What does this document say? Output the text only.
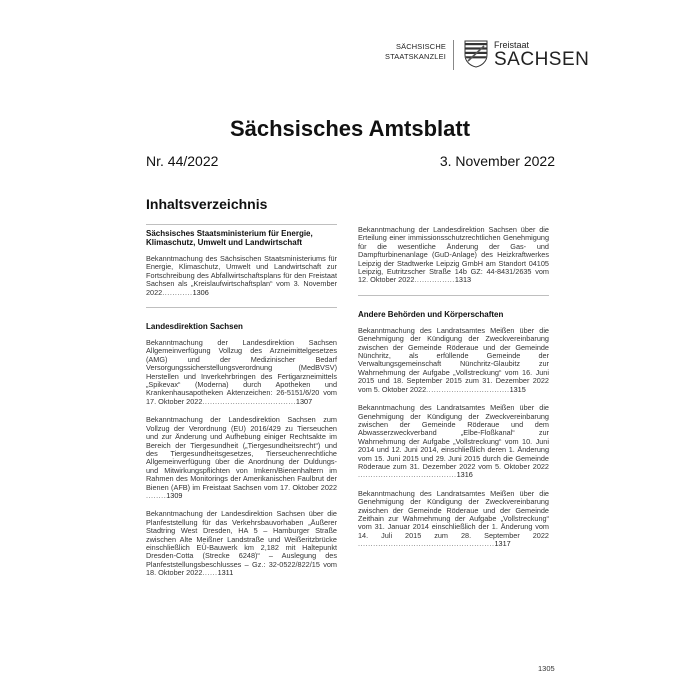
SÄCHSISCHE
STAATSKANZLEI
Freistaat
SACHSEN
Sächsisches Amtsblatt
Nr. 44/2022	3. November 2022
Inhaltsverzeichnis
Sächsisches Staatsministerium für Energie, Klimaschutz, Umwelt und Landwirtschaft
Bekanntmachung des Sächsischen Staatsministeriums für Energie, Klimaschutz, Umwelt und Landwirtschaft zur Fortschreibung des Abfallwirtschaftsplans für den Freistaat Sachsen als „Kreislaufwirtschaftsplan“ vom 3. November 2022............1306
Landesdirektion Sachsen
Bekanntmachung der Landesdirektion Sachsen Allgemeinverfügung Vollzug des Arzneimittelgesetzes (AMG) und der Medizinischer Bedarf Versorgungssicherstellungsverordnung (MedBVSV) Herstellen und Inverkehrbringen des Fertigarzneimittels „Spikevax“ (Moderna) durch Apotheken und Krankenhausapotheken Aktenzeichen: 26-5151/6/20 vom 17. Oktober 2022.....................................1307
Bekanntmachung der Landesdirektion Sachsen zum Vollzug der Verordnung (EU) 2016/429 zu Tierseuchen und zur Änderung und Aufhebung einiger Rechtsakte im Bereich der Tiergesundheit („Tiergesundheitsrecht“) und des Tiergesundheitsgesetzes, Tierseuchenrechtliche Allgemeinverfügung über die Anordnung der Duldungs- und Mitwirkungspflichten von Imkern/Bienenhaltern im Rahmen des Monitorings der Amerikanischen Faulbrut der Bienen (AFB) im Freistaat Sachsen vom 17. Oktober 2022........1309
Bekanntmachung der Landesdirektion Sachsen über die Planfeststellung für das Verkehrsbauvorhaben „Äußerer Stadtring West Dresden, HA 5 – Hamburger Straße zwischen Alte Meißner Landstraße und Weißeritzbrücke einschließlich EÜ-Bauwerk km 2,182 mit Haltepunkt Dresden-Cotta (Strecke 6248)“ – Auslegung des Planfeststellungsbeschlusses – Gz.: 32-0522/822/15 vom 18. Oktober 2022......1311
Bekanntmachung der Landesdirektion Sachsen über die Erteilung einer immissionsschutzrechtlichen Genehmigung für die wesentliche Änderung der Gas- und Dampfturbinenanlage (GuD-Anlage) des Heizkraftwerkes Leipzig der Stadtwerke Leipzig GmbH am Standort 04105 Leipzig, Eutritzscher Straße 14b GZ: 44-8431/2635 vom 12. Oktober 2022................1313
Andere Behörden und Körperschaften
Bekanntmachung des Landratsamtes Meißen über die Genehmigung der Kündigung der Zweckvereinbarung zwischen der Gemeinde Röderaue und der Gemeinde Nünchritz, als erfüllende Gemeinde der Verwaltungsgemeinschaft Nünchritz-Glaubitz zur Wahrnehmung der Aufgabe „Vollstreckung“ vom 16. Juni 2015 und 18. September 2015 zum 31. Dezember 2022 vom 5. Oktober 2022.................................1315
Bekanntmachung des Landratsamtes Meißen über die Genehmigung der Kündigung der Zweckvereinbarung zwischen der Gemeinde Röderaue und dem Abwasserzweckverband „Elbe-Floßkanal“ zur Wahrnehmung der Aufgabe „Vollstreckung“ vom 10. Juni 2014 und 12. Juni 2014, einschließlich deren 1. Änderung vom 15. Juni 2015 und 29. Juni 2015 durch die Gemeinde Röderaue zum 31. Dezember 2022 vom 5. Oktober 2022.......................................1316
Bekanntmachung des Landratsamtes Meißen über die Genehmigung der Kündigung der Zweckvereinbarung zwischen der Gemeinde Röderaue und der Gemeinde Zeithain zur Wahrnehmung der Aufgabe „Vollstreckung“ vom 31. Januar 2014 einschließlich der 1. Änderung vom 14. Juli 2015 zum 28. September 2022......................................................1317
1305
